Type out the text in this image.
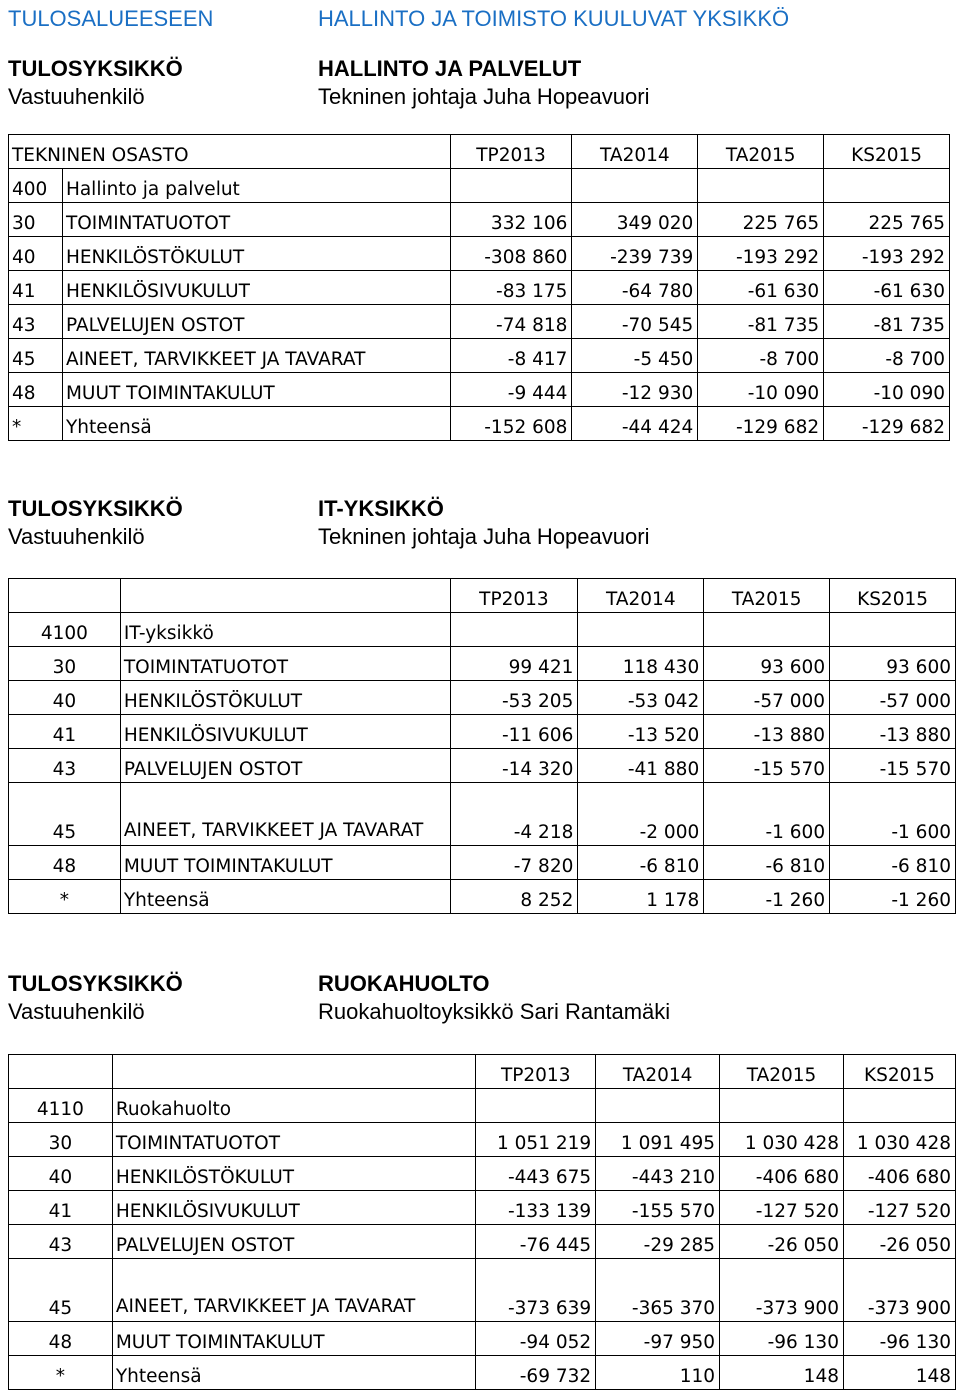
TULOSALUEESEEN	HALLINTO JA TOIMISTO KUULUVAT YKSIKKÖ
TULOSYKSIKKÖ
Vastuuhenkilö
HALLINTO JA PALVELUT
Tekninen johtaja Juha Hopeavuori
TEKNINEN OSASTO		TP2013	TA2014	TA2015	KS2015
400	Hallinto ja palvelut				
30	TOIMINTATUOTOT	332 106	349 020	225 765	225 765
40	HENKILÖSTÖKULUT	-308 860	-239 739	-193 292	-193 292
41	HENKILÖSIVUKULUT	-83 175	-64 780	-61 630	-61 630
43	PALVELUJEN OSTOT	-74 818	-70 545	-81 735	-81 735
45	AINEET, TARVIKKEET JA TAVARAT	-8 417	-5 450	-8 700	-8 700
48	MUUT TOIMINTAKULUT	-9 444	-12 930	-10 090	-10 090
*	Yhteensä	-152 608	-44 424	-129 682	-129 682
TULOSYKSIKKÖ
Vastuuhenkilö
IT-YKSIKKÖ
Tekninen johtaja Juha Hopeavuori
		TP2013	TA2014	TA2015	KS2015
4100	IT-yksikkö				
30	TOIMINTATUOTOT	99 421	118 430	93 600	93 600
40	HENKILÖSTÖKULUT	-53 205	-53 042	-57 000	-57 000
41	HENKILÖSIVUKULUT	-11 606	-13 520	-13 880	-13 880
43	PALVELUJEN OSTOT	-14 320	-41 880	-15 570	-15 570
45	AINEET, TARVIKKEET JA TAVARAT	-4 218	-2 000	-1 600	-1 600
48	MUUT TOIMINTAKULUT	-7 820	-6 810	-6 810	-6 810
*	Yhteensä	8 252	1 178	-1 260	-1 260
TULOSYKSIKKÖ
Vastuuhenkilö
RUOKAHUOLTO
Ruokahuoltoyksikkö Sari Rantamäki
		TP2013	TA2014	TA2015	KS2015
4110	Ruokahuolto				
30	TOIMINTATUOTOT	1 051 219	1 091 495	1 030 428	1 030 428
40	HENKILÖSTÖKULUT	-443 675	-443 210	-406 680	-406 680
41	HENKILÖSIVUKULUT	-133 139	-155 570	-127 520	-127 520
43	PALVELUJEN OSTOT	-76 445	-29 285	-26 050	-26 050
45	AINEET, TARVIKKEET JA TAVARAT	-373 639	-365 370	-373 900	-373 900
48	MUUT TOIMINTAKULUT	-94 052	-97 950	-96 130	-96 130
*	Yhteensä	-69 732	110	148	148
